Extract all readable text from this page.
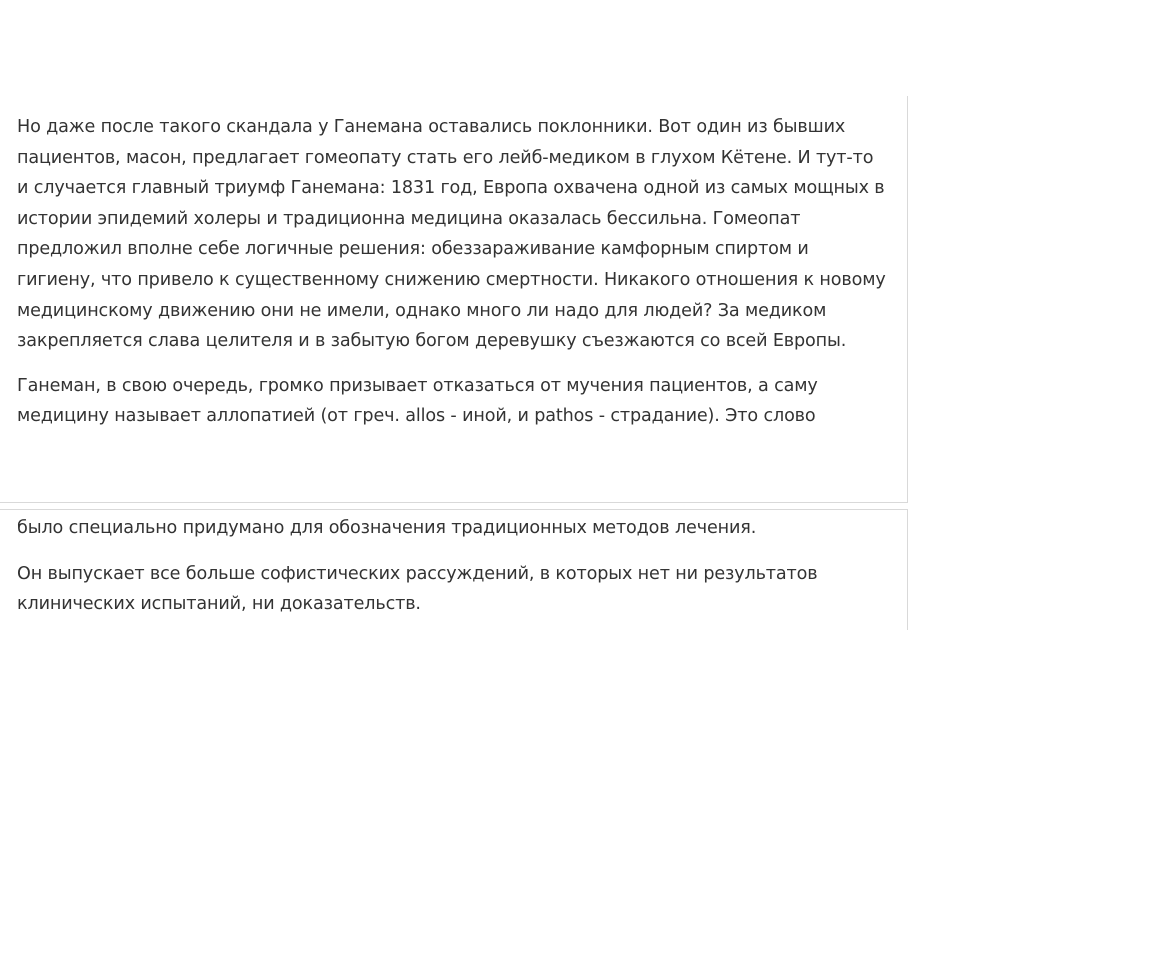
Но даже после такого скандала у Ганемана оставались поклонники. Вот один из бывших пациентов, масон, предлагает гомеопату стать его лейб-медиком в глухом Кётене. И тут-то и случается главный триумф Ганемана: 1831 год, Европа охвачена одной из самых мощных в истории эпидемий холеры и традиционна медицина оказалась бессильна. Гомеопат предложил вполне себе логичные решения: обеззараживание камфорным спиртом и гигиену, что привело к существенному снижению смертности. Никакого отношения к новому медицинскому движению они не имели, однако много ли надо для людей? За медиком закрепляется слава целителя и в забытую богом деревушку съезжаются со всей Европы.

Ганеман, в свою очередь, громко призывает отказаться от мучения пациентов, а саму медицину называет аллопатией (от греч. allos - иной, и pathos - страдание). Это слово

было специально придумано для обозначения традиционных методов лечения.

Он выпускает все больше софистических рассуждений, в которых нет ни результатов клинических испытаний, ни доказательств.
